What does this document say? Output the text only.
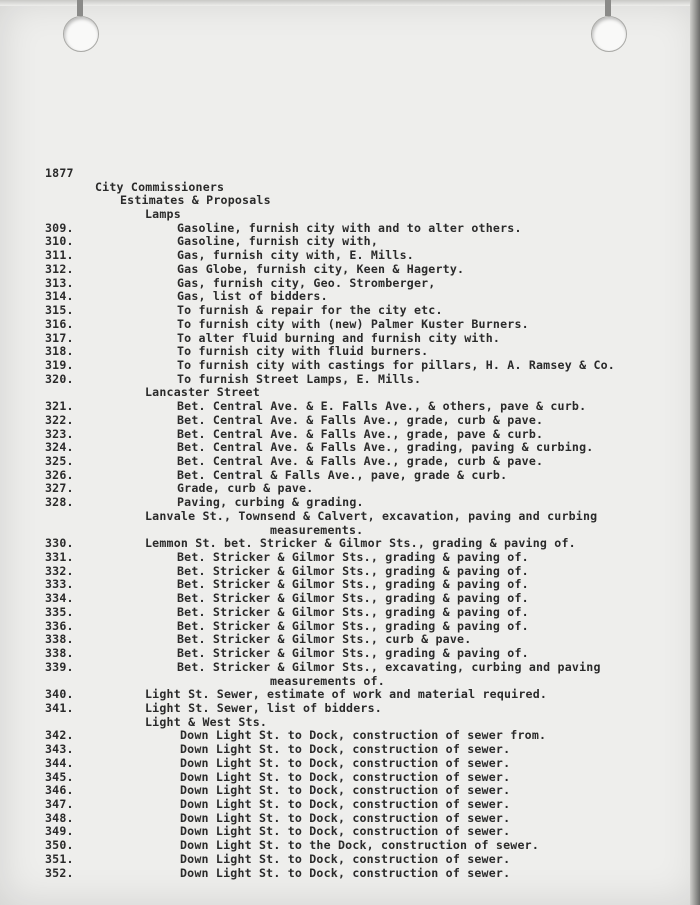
1877
City Commissioners
Estimates & Proposals
Lamps
309.	Gasoline, furnish city with and to alter others.
310.	Gasoline, furnish city with,
311.	Gas, furnish city with, E. Mills.
312.	Gas Globe, furnish city, Keen & Hagerty.
313.	Gas, furnish city, Geo. Stromberger,
314.	Gas, list of bidders.
315.	To furnish & repair for the city etc.
316.	To furnish city with (new) Palmer Kuster Burners.
317.	To alter fluid burning and furnish city with.
318.	To furnish city with fluid burners.
319.	To furnish city with castings for pillars, H. A. Ramsey & Co.
320.	To furnish Street Lamps, E. Mills.
Lancaster Street
321.	Bet. Central Ave. & E. Falls Ave., & others, pave & curb.
322.	Bet. Central Ave. & Falls Ave., grade, curb & pave.
323.	Bet. Central Ave. & Falls Ave., grade, pave & curb.
324.	Bet. Central Ave. & Falls Ave., grading, paving & curbing.
325.	Bet. Central Ave. & Falls Ave., grade, curb & pave.
326.	Bet. Central & Falls Ave., pave, grade & curb.
327.	Grade, curb & pave.
328.	Paving, curbing & grading.
Lanvale St., Townsend & Calvert, excavation, paving and curbing
measurements.
330.	Lemmon St. bet. Stricker & Gilmor Sts., grading & paving of.
331.	Bet. Stricker & Gilmor Sts., grading & paving of.
332.	Bet. Stricker & Gilmor Sts., grading & paving of.
333.	Bet. Stricker & Gilmor Sts., grading & paving of.
334.	Bet. Stricker & Gilmor Sts., grading & paving of.
335.	Bet. Stricker & Gilmor Sts., grading & paving of.
336.	Bet. Stricker & Gilmor Sts., grading & paving of.
338.	Bet. Stricker & Gilmor Sts., curb & pave.
338.	Bet. Stricker & Gilmor Sts., grading & paving of.
339.	Bet. Stricker & Gilmor Sts., excavating, curbing and paving
measurements of.
340.	Light St. Sewer, estimate of work and material required.
341.	Light St. Sewer, list of bidders.
Light & West Sts.
342.	Down Light St. to Dock, construction of sewer from.
343.	Down Light St. to Dock, construction of sewer.
344.	Down Light St. to Dock, construction of sewer.
345.	Down Light St. to Dock, construction of sewer.
346.	Down Light St. to Dock, construction of sewer.
347.	Down Light St. to Dock, construction of sewer.
348.	Down Light St. to Dock, construction of sewer.
349.	Down Light St. to Dock, construction of sewer.
350.	Down Light St. to the Dock, construction of sewer.
351.	Down Light St. to Dock, construction of sewer.
352.	Down Light St. to Dock, construction of sewer.
